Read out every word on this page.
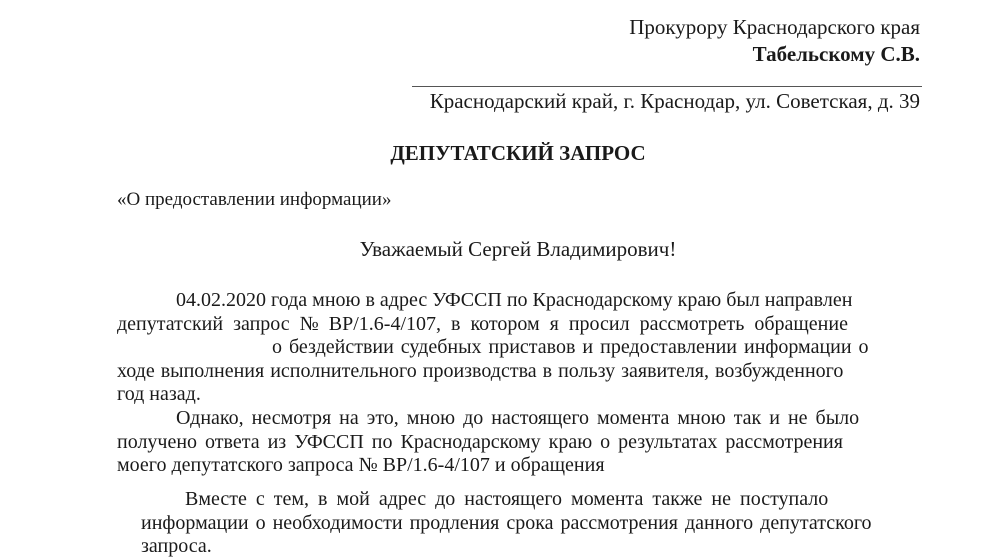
Прокурору Краснодарского края
Табельскому С.В.
Краснодарский край, г. Краснодар, ул. Советская, д. 39
ДЕПУТАТСКИЙ ЗАПРОС
«О предоставлении информации»
Уважаемый Сергей Владимирович!
04.02.2020 года мною в адрес УФССП по Краснодарскому краю был направлен
депутатский запрос № ВР/1.6-4/107, в котором я просил рассмотреть обращение
о бездействии судебных приставов и предоставлении информации о
ходе выполнения исполнительного производства в пользу заявителя, возбужденного
год назад.
Однако, несмотря на это, мною до настоящего момента мною так и не было
получено ответа из УФССП по Краснодарскому краю о результатах рассмотрения
моего депутатского запроса № ВР/1.6-4/107 и обращения
Вместе с тем, в мой адрес до настоящего момента также не поступало
информации о необходимости продления срока рассмотрения данного депутатского
запроса.
